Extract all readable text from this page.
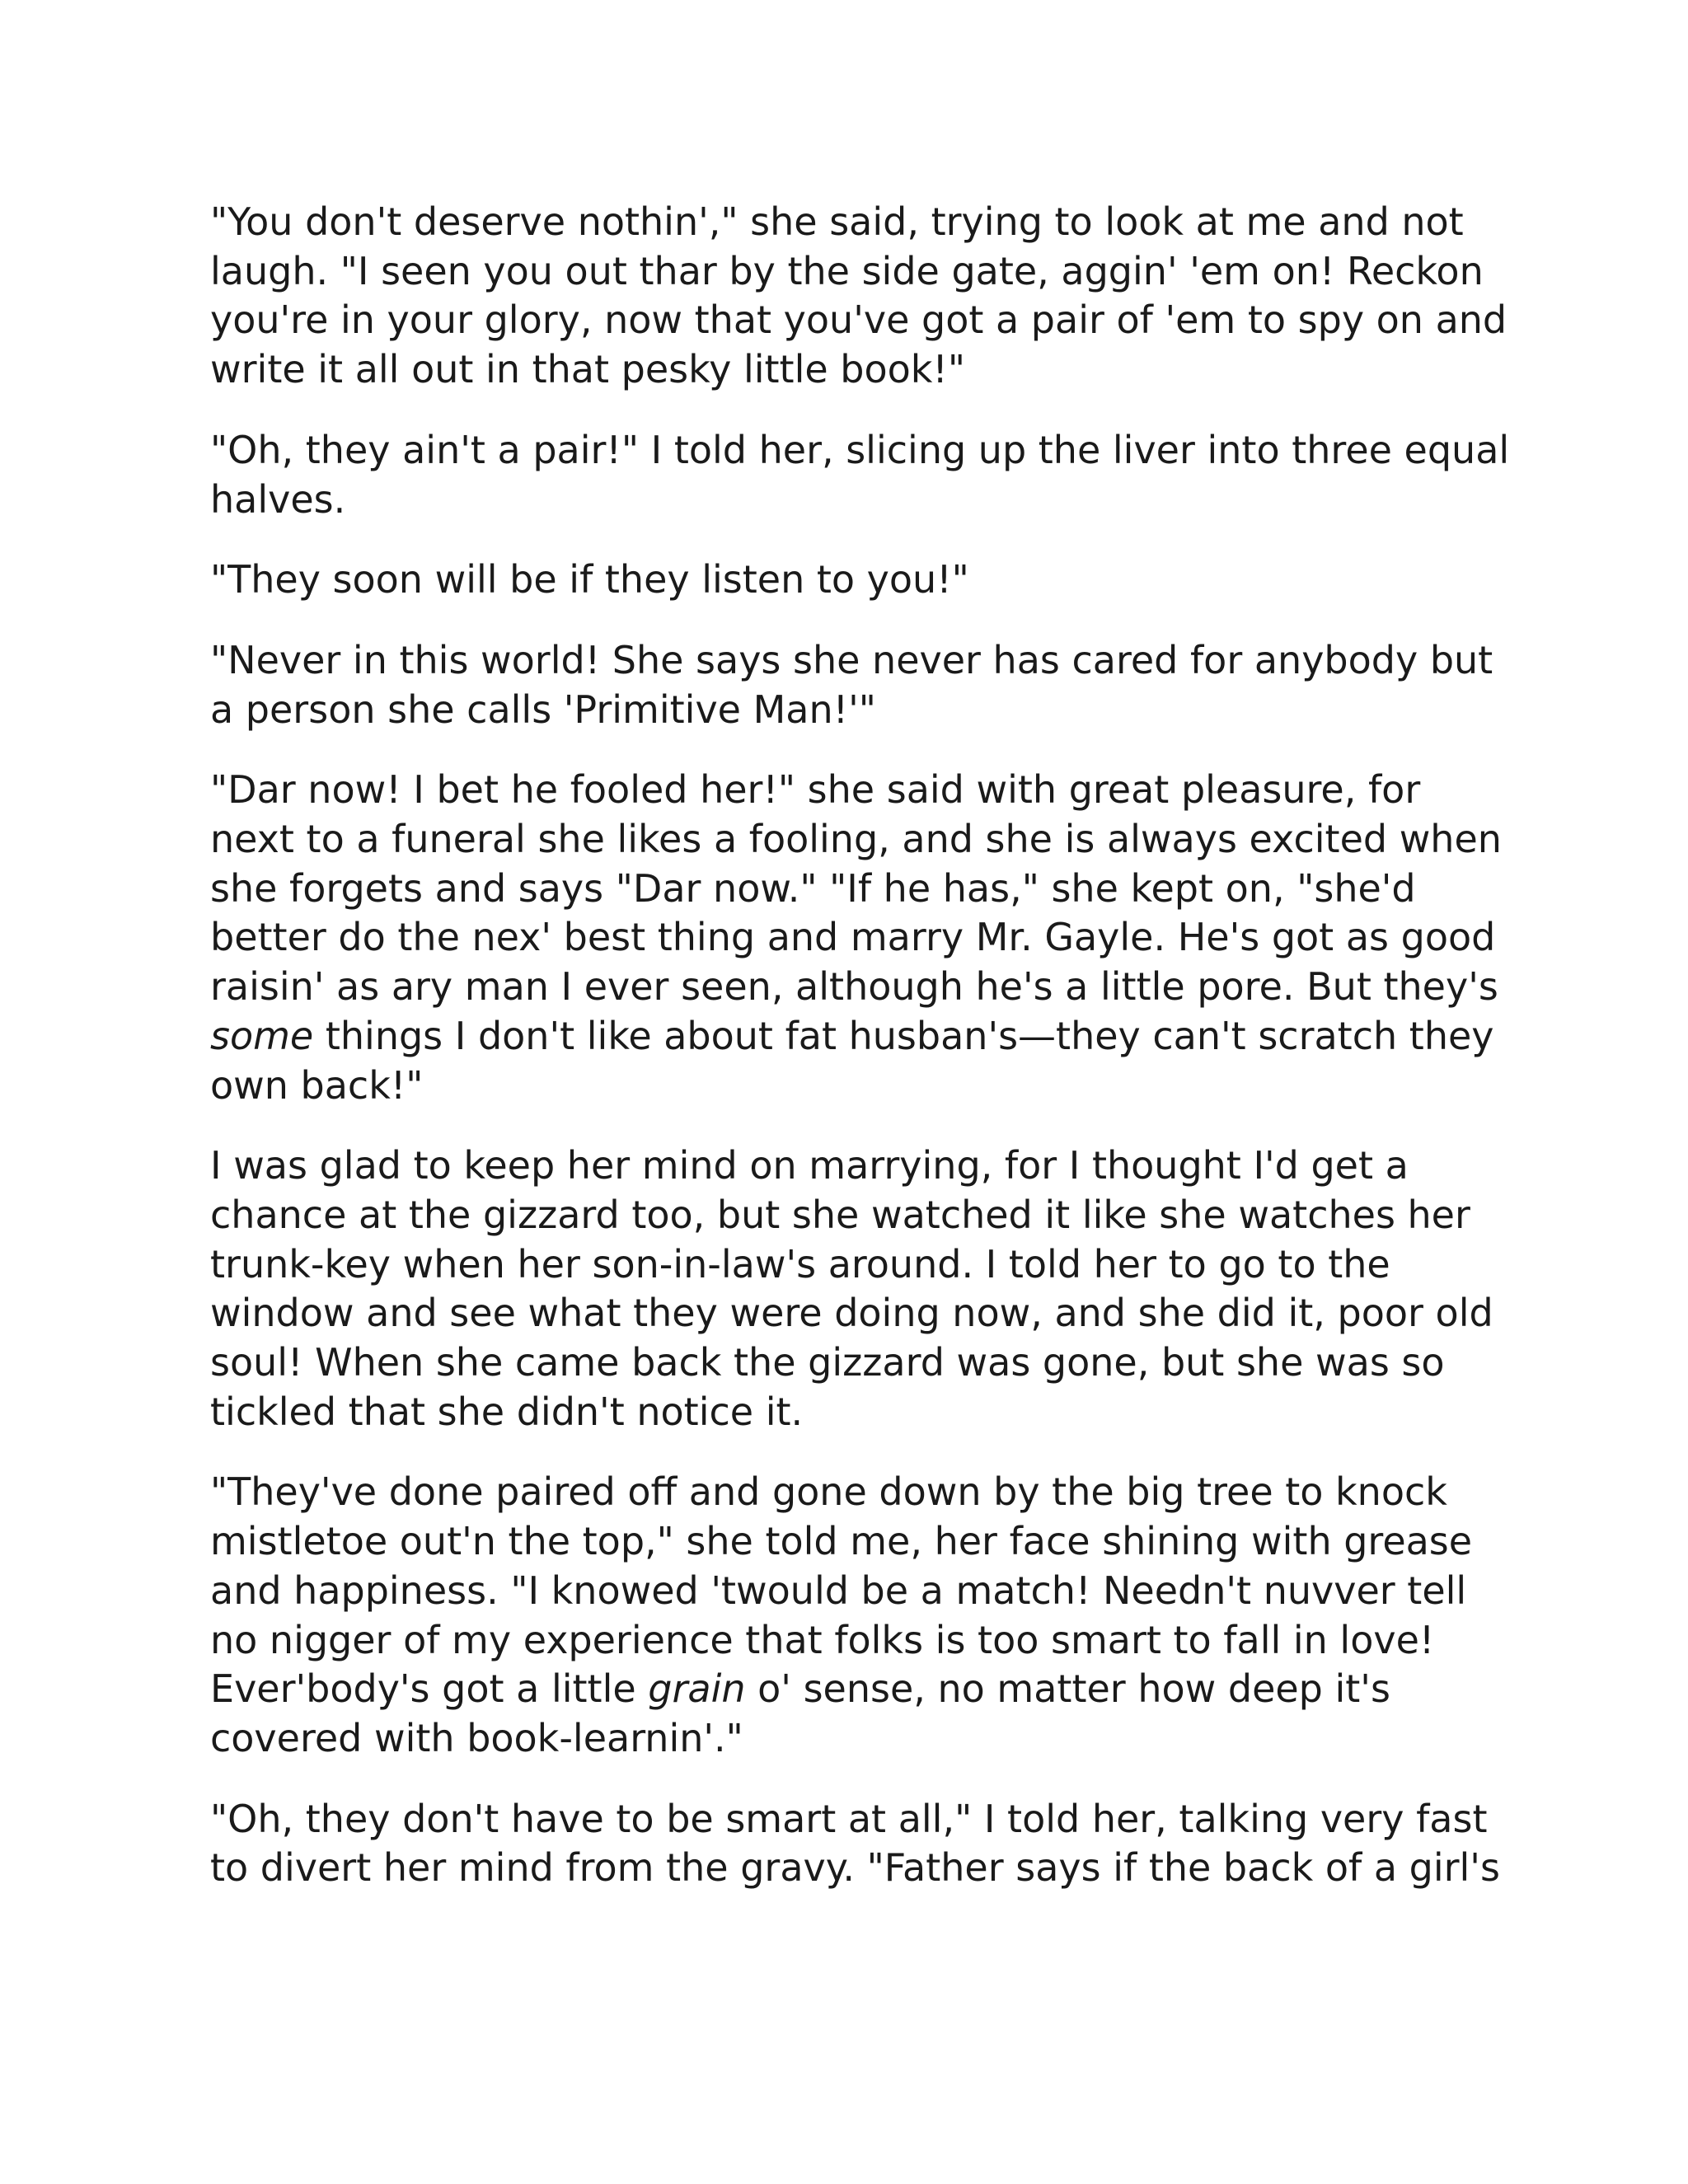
"You don't deserve nothin'," she said, trying to look at me and not
laugh. "I seen you out thar by the side gate, aggin' 'em on! Reckon
you're in your glory, now that you've got a pair of 'em to spy on and
write it all out in that pesky little book!"

"Oh, they ain't a pair!" I told her, slicing up the liver into three equal
halves.

"They soon will be if they listen to you!"

"Never in this world! She says she never has cared for anybody but
a person she calls 'Primitive Man!'"

"Dar now! I bet he fooled her!" she said with great pleasure, for
next to a funeral she likes a fooling, and she is always excited when
she forgets and says "Dar now." "If he has," she kept on, "she'd
better do the nex' best thing and marry Mr. Gayle. He's got as good
raisin' as ary man I ever seen, although he's a little pore. But they's
some things I don't like about fat husban's—they can't scratch they
own back!"

I was glad to keep her mind on marrying, for I thought I'd get a
chance at the gizzard too, but she watched it like she watches her
trunk-key when her son-in-law's around. I told her to go to the
window and see what they were doing now, and she did it, poor old
soul! When she came back the gizzard was gone, but she was so
tickled that she didn't notice it.

"They've done paired off and gone down by the big tree to knock
mistletoe out'n the top," she told me, her face shining with grease
and happiness. "I knowed 'twould be a match! Needn't nuvver tell
no nigger of my experience that folks is too smart to fall in love!
Ever'body's got a little grain o' sense, no matter how deep it's
covered with book-learnin'."

"Oh, they don't have to be smart at all," I told her, talking very fast
to divert her mind from the gravy. "Father says if the back of a girl's
